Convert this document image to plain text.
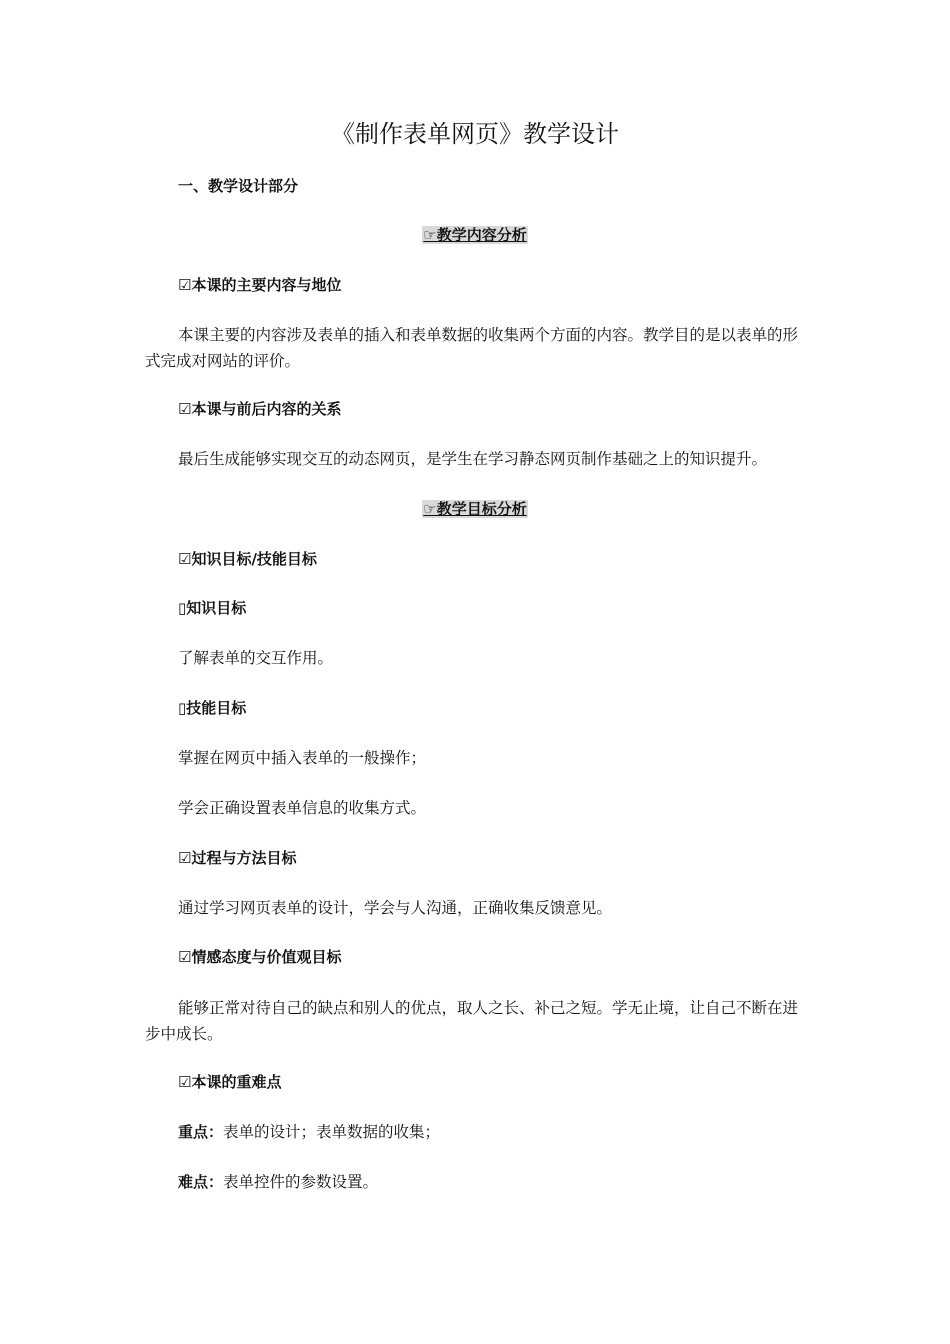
《制作表单网页》教学设计
一、教学设计部分
☞教学内容分析
☑本课的主要内容与地位
本课主要的内容涉及表单的插入和表单数据的收集两个方面的内容。教学目的是以表单的形式完成对网站的评价。
☑本课与前后内容的关系
最后生成能够实现交互的动态网页，是学生在学习静态网页制作基础之上的知识提升。
☞教学目标分析
☑知识目标/技能目标
▯知识目标
了解表单的交互作用。
▯技能目标
掌握在网页中插入表单的一般操作；
学会正确设置表单信息的收集方式。
☑过程与方法目标
通过学习网页表单的设计，学会与人沟通，正确收集反馈意见。
☑情感态度与价值观目标
能够正常对待自己的缺点和别人的优点，取人之长、补己之短。学无止境，让自己不断在进步中成长。
☑本课的重难点
重点：表单的设计；表单数据的收集；
难点：表单控件的参数设置。
